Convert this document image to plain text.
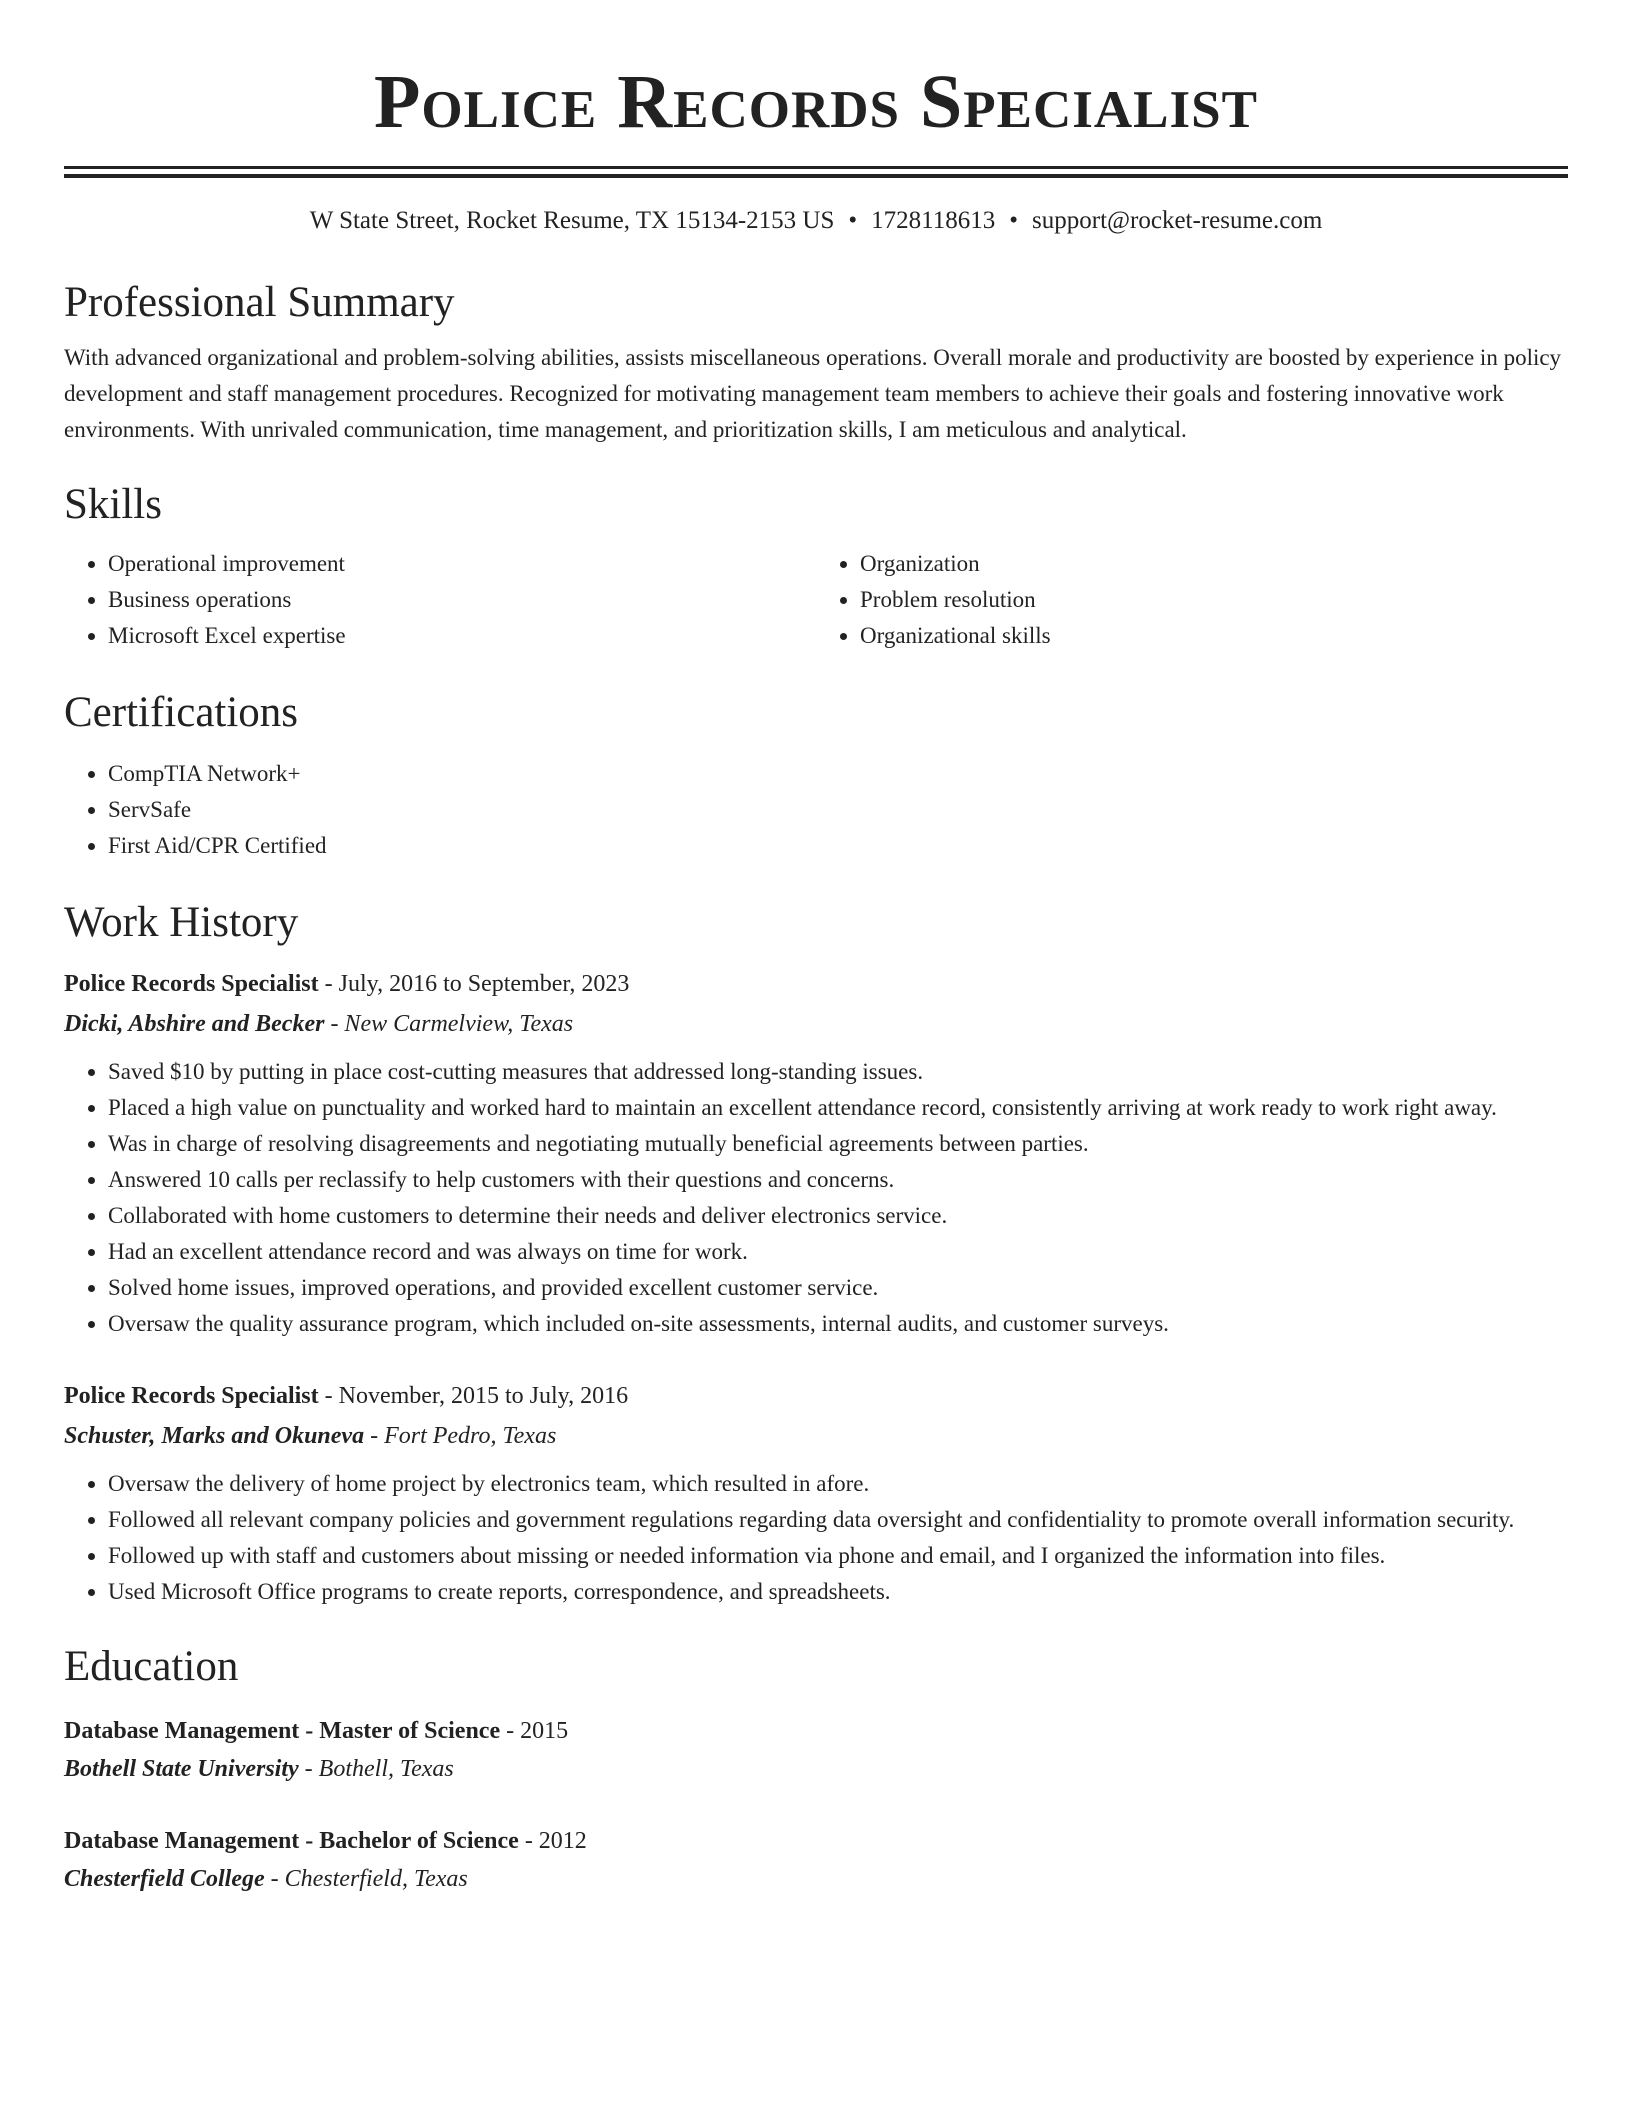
Police Records Specialist
W State Street, Rocket Resume, TX 15134-2153 US • 1728118613 • support@rocket-resume.com
Professional Summary

With advanced organizational and problem-solving abilities, assists miscellaneous operations. Overall morale and productivity are boosted by experience in policy development and staff management procedures. Recognized for motivating management team members to achieve their goals and fostering innovative work environments. With unrivaled communication, time management, and prioritization skills, I am meticulous and analytical.

Skills
• Operational improvement
• Business operations
• Microsoft Excel expertise
• Organization
• Problem resolution
• Organizational skills
Certifications
• CompTIA Network+
• ServSafe
• First Aid/CPR Certified
Work History
Police Records Specialist - July, 2016 to September, 2023
Dicki, Abshire and Becker - New Carmelview, Texas
• Saved $10 by putting in place cost-cutting measures that addressed long-standing issues.
• Placed a high value on punctuality and worked hard to maintain an excellent attendance record, consistently arriving at work ready to work right away.
• Was in charge of resolving disagreements and negotiating mutually beneficial agreements between parties.
• Answered 10 calls per reclassify to help customers with their questions and concerns.
• Collaborated with home customers to determine their needs and deliver electronics service.
• Had an excellent attendance record and was always on time for work.
• Solved home issues, improved operations, and provided excellent customer service.
• Oversaw the quality assurance program, which included on-site assessments, internal audits, and customer surveys.
Police Records Specialist - November, 2015 to July, 2016
Schuster, Marks and Okuneva - Fort Pedro, Texas
• Oversaw the delivery of home project by electronics team, which resulted in afore.
• Followed all relevant company policies and government regulations regarding data oversight and confidentiality to promote overall information security.
• Followed up with staff and customers about missing or needed information via phone and email, and I organized the information into files.
• Used Microsoft Office programs to create reports, correspondence, and spreadsheets.
Education
Database Management - Master of Science - 2015
Bothell State University - Bothell, Texas
Database Management - Bachelor of Science - 2012
Chesterfield College - Chesterfield, Texas
